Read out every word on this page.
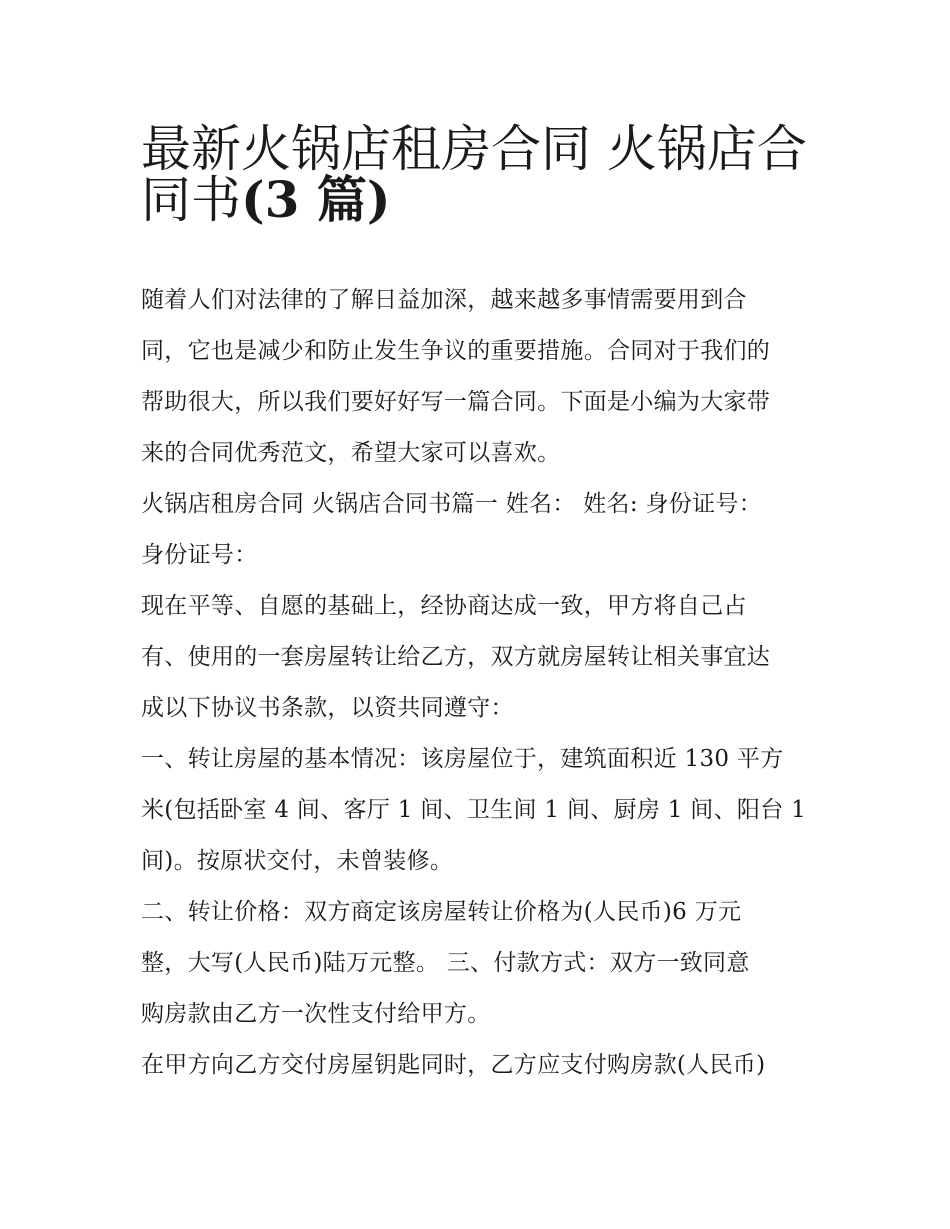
最新火锅店租房合同 火锅店合
同书(3 篇)

随着人们对法律的了解日益加深，越来越多事情需要用到合
同，它也是减少和防止发生争议的重要措施。合同对于我们的
帮助很大，所以我们要好好写一篇合同。下面是小编为大家带
来的合同优秀范文，希望大家可以喜欢。

火锅店租房合同 火锅店合同书篇一 姓名： 姓名: 身份证号：
身份证号：

现在平等、自愿的基础上，经协商达成一致，甲方将自己占
有、使用的一套房屋转让给乙方，双方就房屋转让相关事宜达
成以下协议书条款，以资共同遵守：

一、转让房屋的基本情况：该房屋位于，建筑面积近 130 平方
米(包括卧室 4 间、客厅 1 间、卫生间 1 间、厨房 1 间、阳台 1
间)。按原状交付，未曾装修。

二、转让价格：双方商定该房屋转让价格为(人民币)6 万元
整，大写(人民币)陆万元整。 三、付款方式：双方一致同意
购房款由乙方一次性支付给甲方。

在甲方向乙方交付房屋钥匙同时，乙方应支付购房款(人民币)
